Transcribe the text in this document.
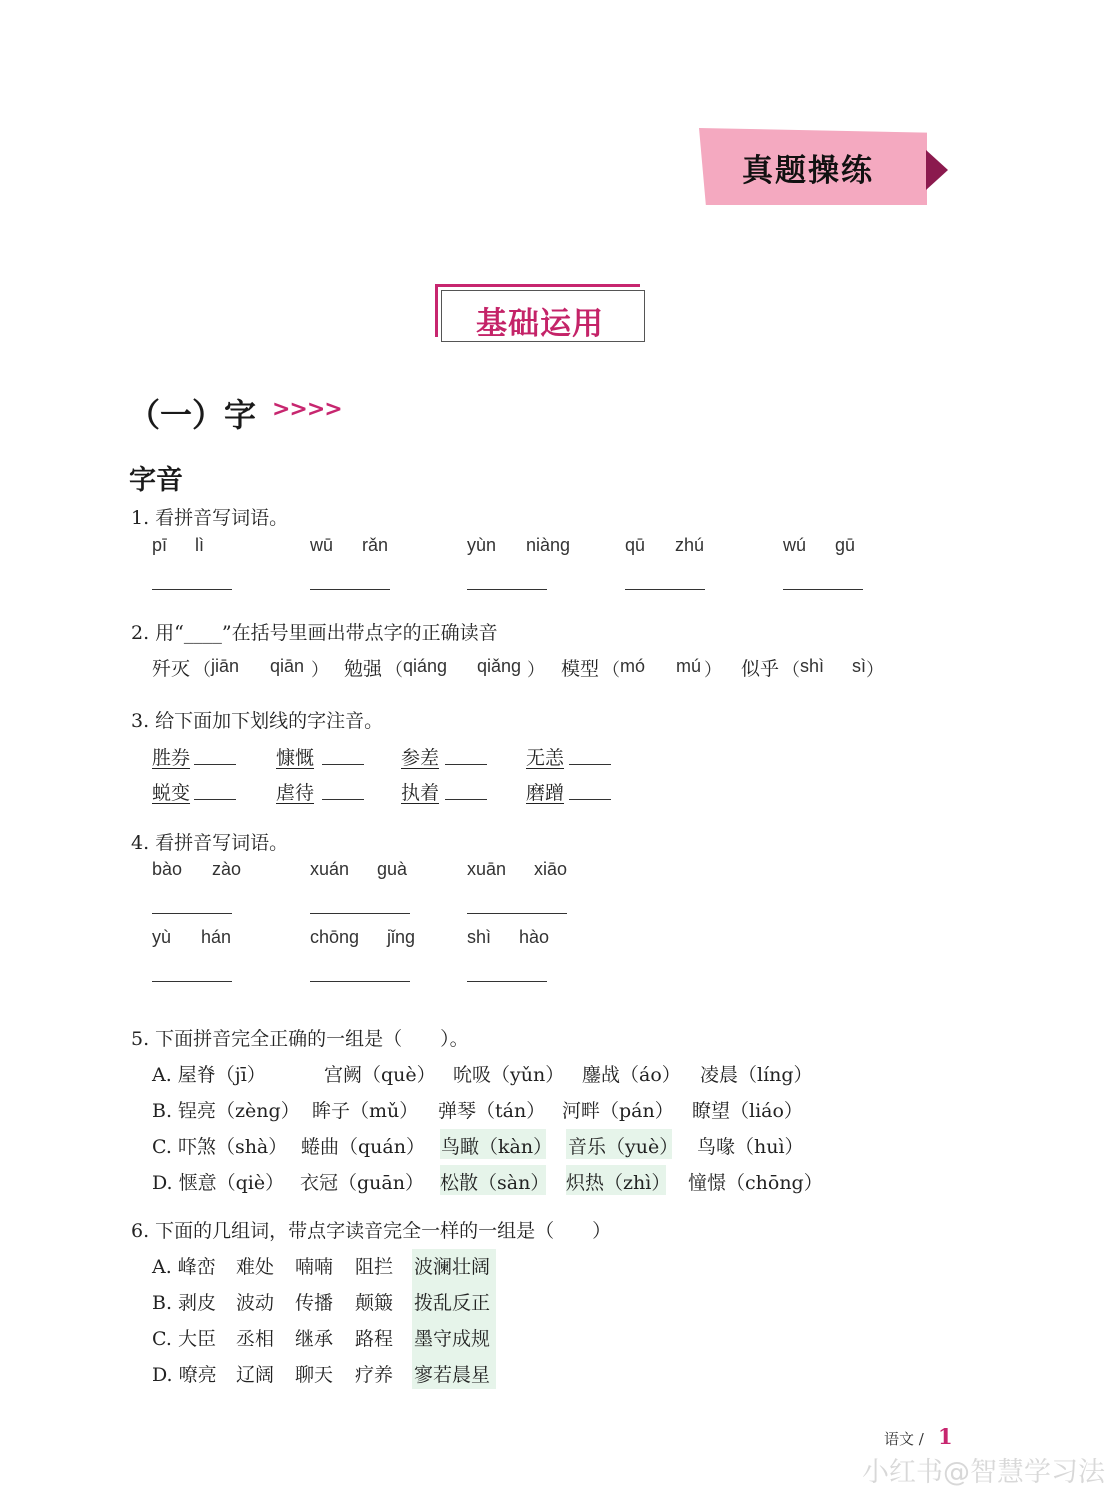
真题操练
基础运用
（一）字 >>>>
字音
1. 看拼音写词语。
pī lì	wū rǎn	yùn niàng	qū zhú	wú gū
2. 用“____”在括号里画出带点字的正确读音
歼灭 （ jiān qiān ） 勉强 （ qiáng qiǎng ） 模型 （ mó mú ） 似乎 （ shì sì ）
3. 给下面加下划线的字注音。
胜券	慷慨	参差	无恙
蜕变	虐待	执着	磨蹭
4. 看拼音写词语。
bào zào	xuán guà	xuān xiāo
yù hán	chōng jǐng	shì hào
5. 下面拼音完全正确的一组是（　　）。
A. 屋脊（jī）	宫阙（què） 吮吸（yǔn） 鏖战（áo） 凌晨（líng）
B. 锃亮（zèng） 眸子（mǔ） 弹琴（tán） 河畔（pán） 瞭望（liáo）
C. 吓煞（shà） 蜷曲（quán） 鸟瞰（kàn） 音乐（yuè） 鸟喙（huì）
D. 惬意（qiè） 衣冠（guān） 松散（sàn） 炽热（zhì） 憧憬（chōng）
6. 下面的几组词，带点字读音完全一样的一组是（　　）
A. 峰峦 难处 喃喃 阻拦 波澜壮阔
B. 剥皮 波动 传播 颠簸 拨乱反正
C. 大臣 丞相 继承 路程 墨守成规
D. 嘹亮 辽阔 聊天 疗养 寥若晨星
语文 / 1
小红书@智慧学习法
